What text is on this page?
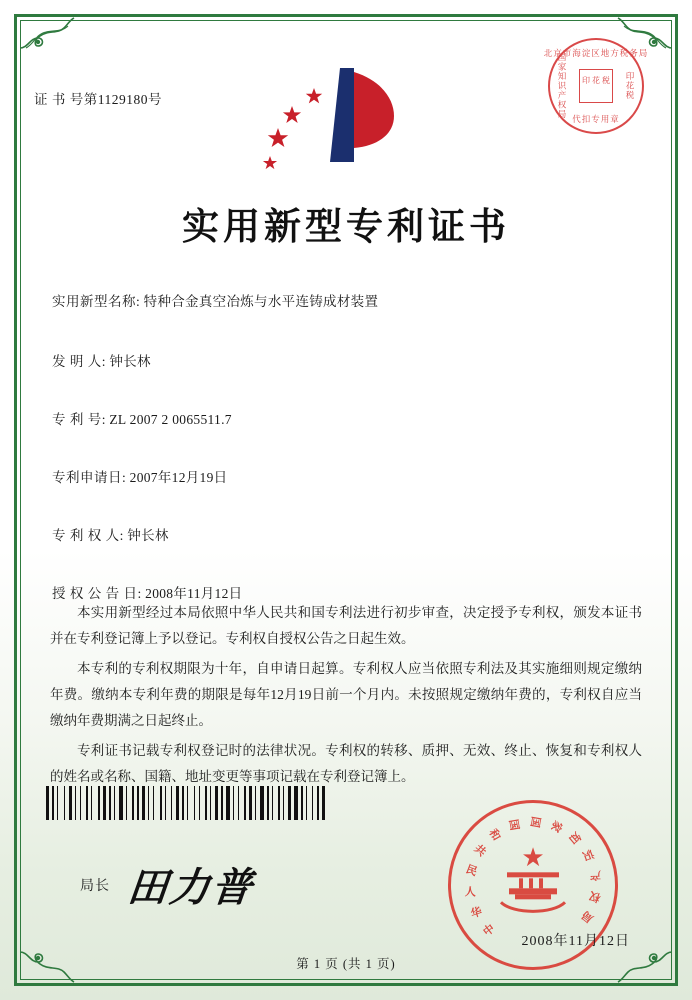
证 书 号第1129180号
北京市海淀区地方税务局
国家知识产权局	印花税
代扣专用章
印 花 税
实用新型专利证书
实用新型名称: 特种合金真空冶炼与水平连铸成材装置
发 明 人: 钟长林
专 利 号: ZL 2007 2 0065511.7
专利申请日: 2007年12月19日
专 利 权 人: 钟长林
授 权 公 告 日: 2008年11月12日

本实用新型经过本局依照中华人民共和国专利法进行初步审查，决定授予专利权，颁发本证书并在专利登记簿上予以登记。专利权自授权公告之日起生效。

本专利的专利权期限为十年，自申请日起算。专利权人应当依照专利法及其实施细则规定缴纳年费。缴纳本专利年费的期限是每年12月19日前一个月内。未按照规定缴纳年费的，专利权自应当缴纳年费期满之日起终止。

专利证书记载专利权登记时的法律状况。专利权的转移、质押、无效、终止、恢复和专利权人的姓名或名称、国籍、地址变更等事项记载在专利登记簿上。

局长 田力普
中
华
人
民
共
和
国 国 家
知
识
产
权
局
★
2008年11月12日
第 1 页 (共 1 页)
